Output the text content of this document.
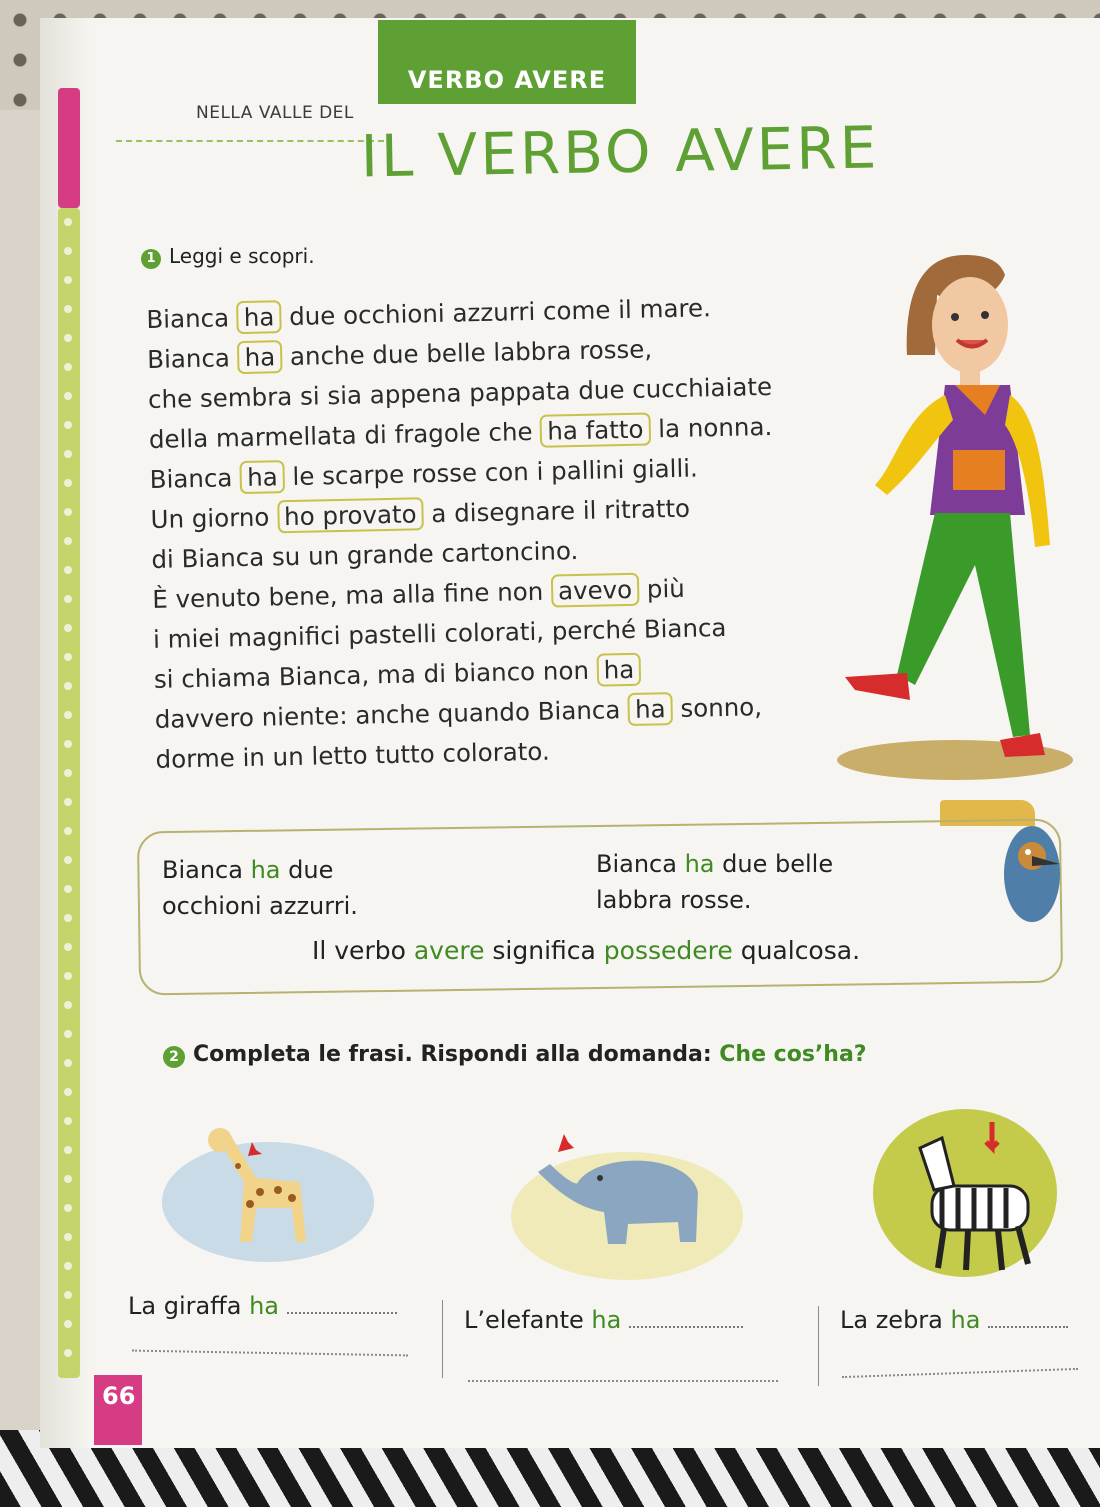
NELLA VALLE DEL
VERBO AVERE
IL VERBO AVERE
1 Leggi e scopri.
Bianca ha due occhioni azzurri come il mare.
Bianca ha anche due belle labbra rosse,
che sembra si sia appena pappata due cucchiaiate
della marmellata di fragole che ha fatto la nonna.
Bianca ha le scarpe rosse con i pallini gialli.
Un giorno ho provato a disegnare il ritratto
di Bianca su un grande cartoncino.
È venuto bene, ma alla fine non avevo più
i miei magnifici pastelli colorati, perché Bianca
si chiama Bianca, ma di bianco non ha
davvero niente: anche quando Bianca ha sonno,
dorme in un letto tutto colorato.
Bianca ha due
occhioni azzurri.
Bianca ha due belle
labbra rosse.
Il verbo avere significa possedere qualcosa.
2 Completa le frasi. Rispondi alla domanda: Che cos’ha?
La giraffa ha	L’elefante ha	La zebra ha
66
